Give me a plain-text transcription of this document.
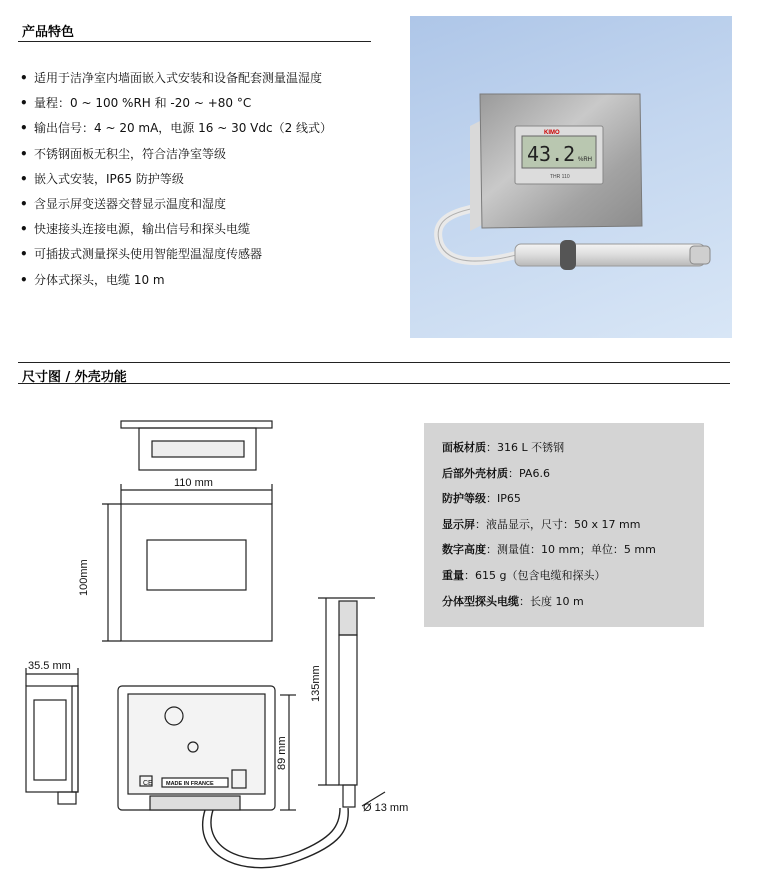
产品特色
• 适用于洁净室内墙面嵌入式安装和设备配套测量温湿度
• 量程：0 ~ 100 %RH 和 -20 ~ +80 °C
• 输出信号：4 ~ 20 mA，电源 16 ~ 30 Vdc（2 线式）
• 不锈钢面板无积尘，符合洁净室等级
• 嵌入式安装，IP65 防护等级
• 含显示屏变送器交替显示温度和湿度
• 快速接头连接电源，输出信号和探头电缆
• 可插拔式测量探头使用智能型温湿度传感器
• 分体式探头，电缆 10 m
KIMO
43.2 %RH
THR 110
尺寸图 / 外壳功能
CE MADE IN FRANCE
110 mm
100mm
35.5 mm
89 mm
135mm
Ø 13 mm
面板材质：316 L 不锈钢
后部外壳材质：PA6.6
防护等级：IP65
显示屏：液晶显示，尺寸：50 x 17 mm
数字高度：测量值：10 mm；单位：5 mm
重量：615 g（包含电缆和探头）
分体型探头电缆：长度 10 m
